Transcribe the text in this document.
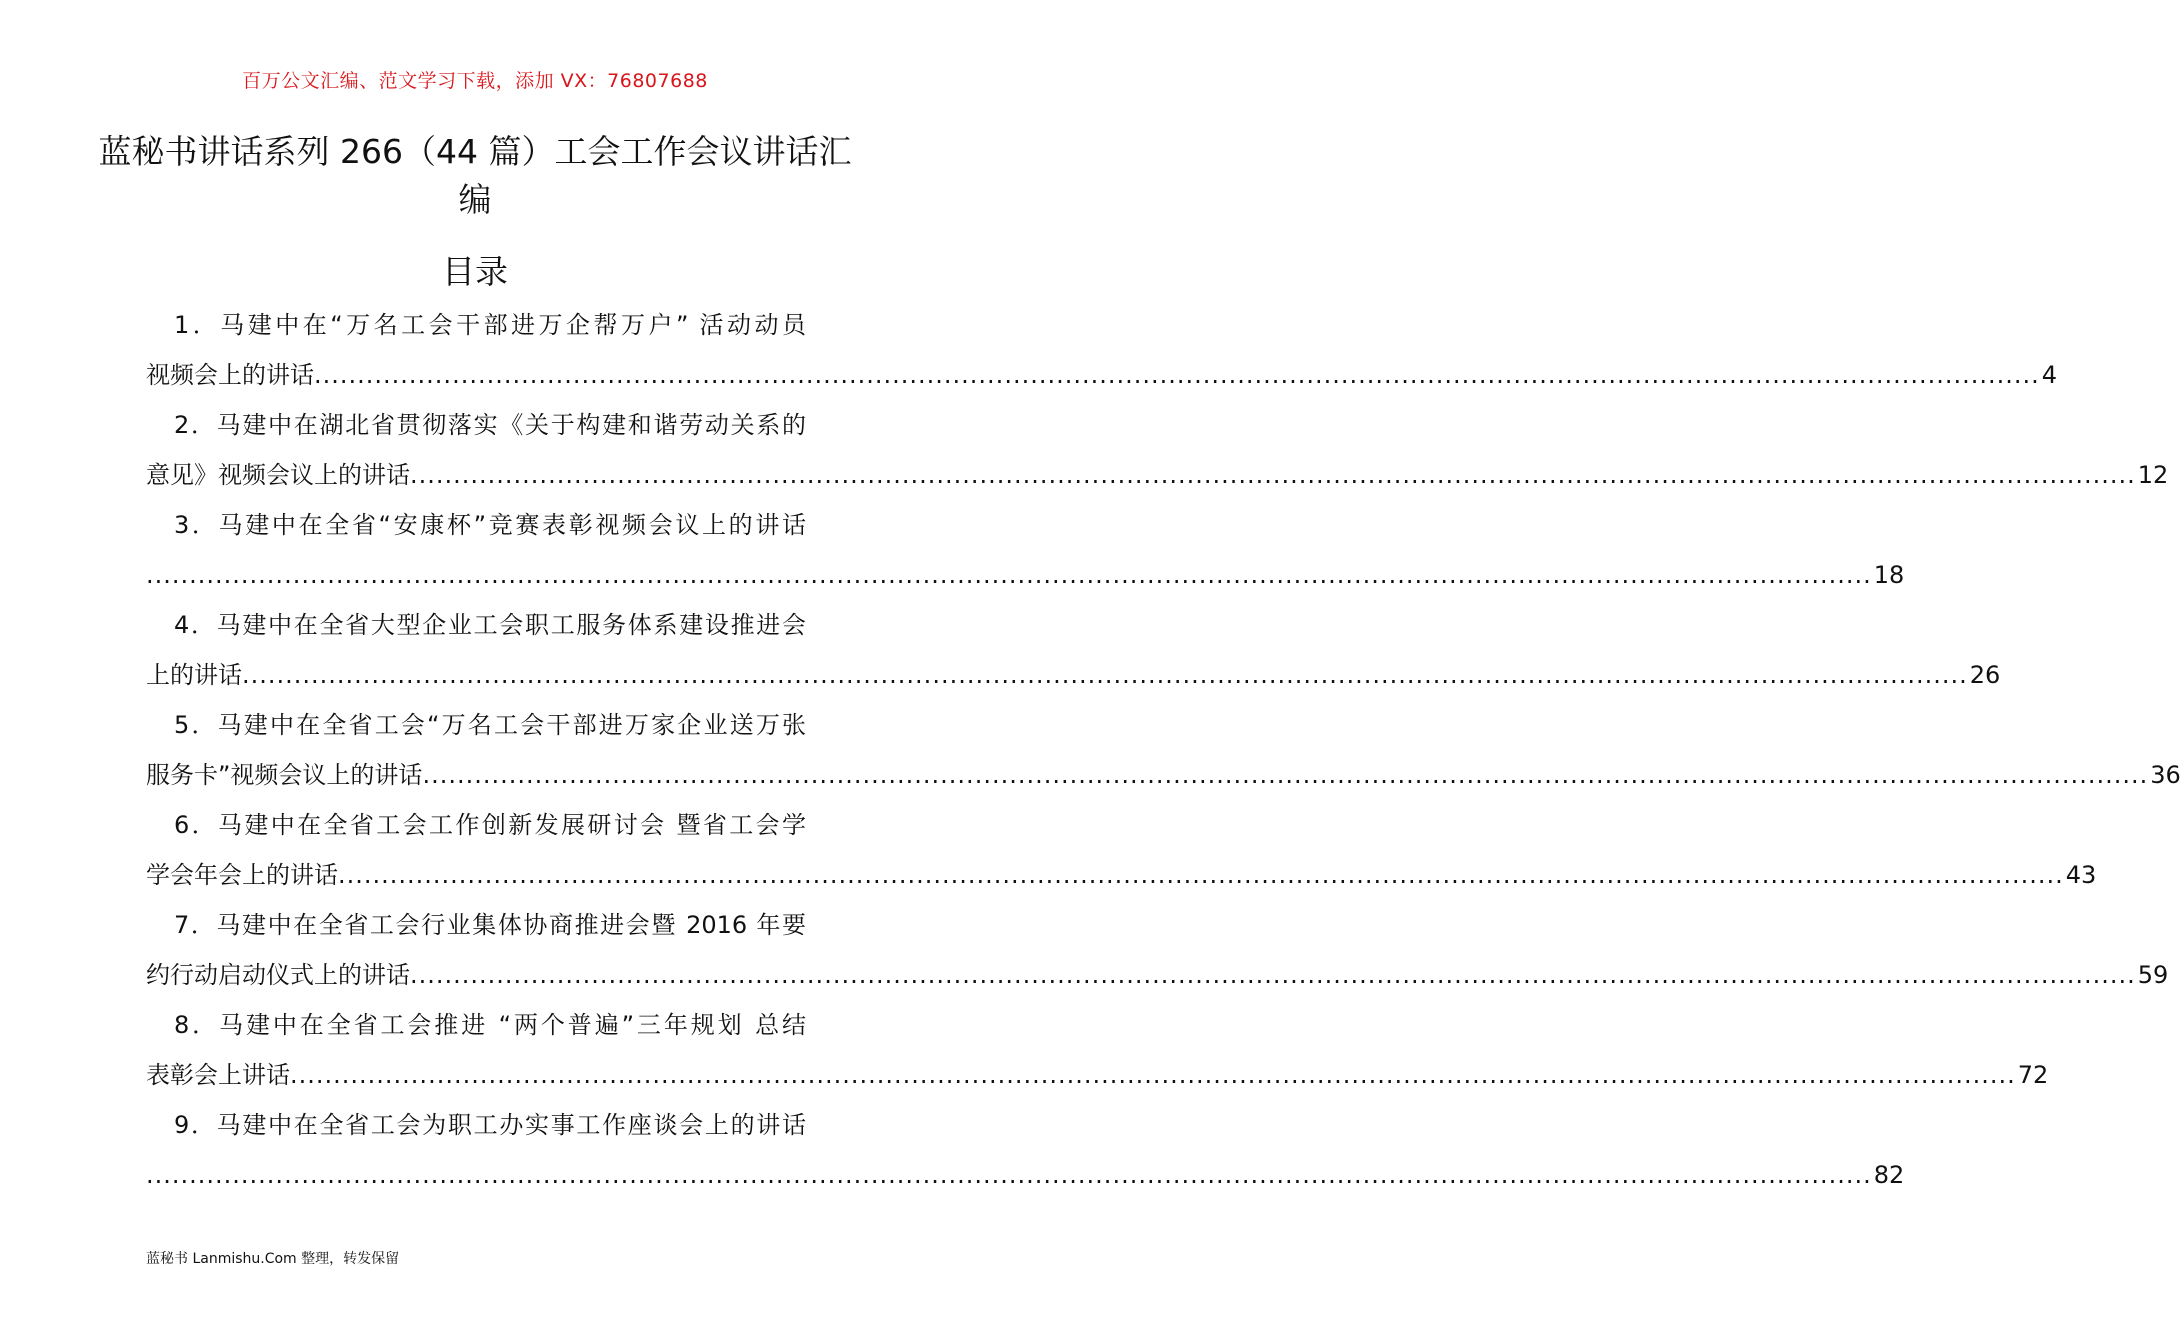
百万公文汇编、范文学习下载，添加 VX：76807688
蓝秘书讲话系列 266（44 篇）工会工作会议讲话汇编
目录
1．马建中在“万名工会干部进万企帮万户” 活动动员
视频会上的讲话 ........................................................................................................................................................................................................ 4
2．马建中在湖北省贯彻落实《关于构建和谐劳动关系的
意见》视频会议上的讲话 ........................................................................................................................................................................................................ 12
3．马建中在全省“安康杯”竞赛表彰视频会议上的讲话
........................................................................................................................................................................................................ 18
4．马建中在全省大型企业工会职工服务体系建设推进会
上的讲话 ........................................................................................................................................................................................................ 26
5．马建中在全省工会“万名工会干部进万家企业送万张
服务卡”视频会议上的讲话 ........................................................................................................................................................................................................ 36
6．马建中在全省工会工作创新发展研讨会 暨省工会学
学会年会上的讲话 ........................................................................................................................................................................................................ 43
7．马建中在全省工会行业集体协商推进会暨 2016 年要
约行动启动仪式上的讲话 ........................................................................................................................................................................................................ 59
8．马建中在全省工会推进 “两个普遍”三年规划 总结
表彰会上讲话 ........................................................................................................................................................................................................ 72
9．马建中在全省工会为职工办实事工作座谈会上的讲话
........................................................................................................................................................................................................ 82
蓝秘书 Lanmishu.Com 整理，转发保留
